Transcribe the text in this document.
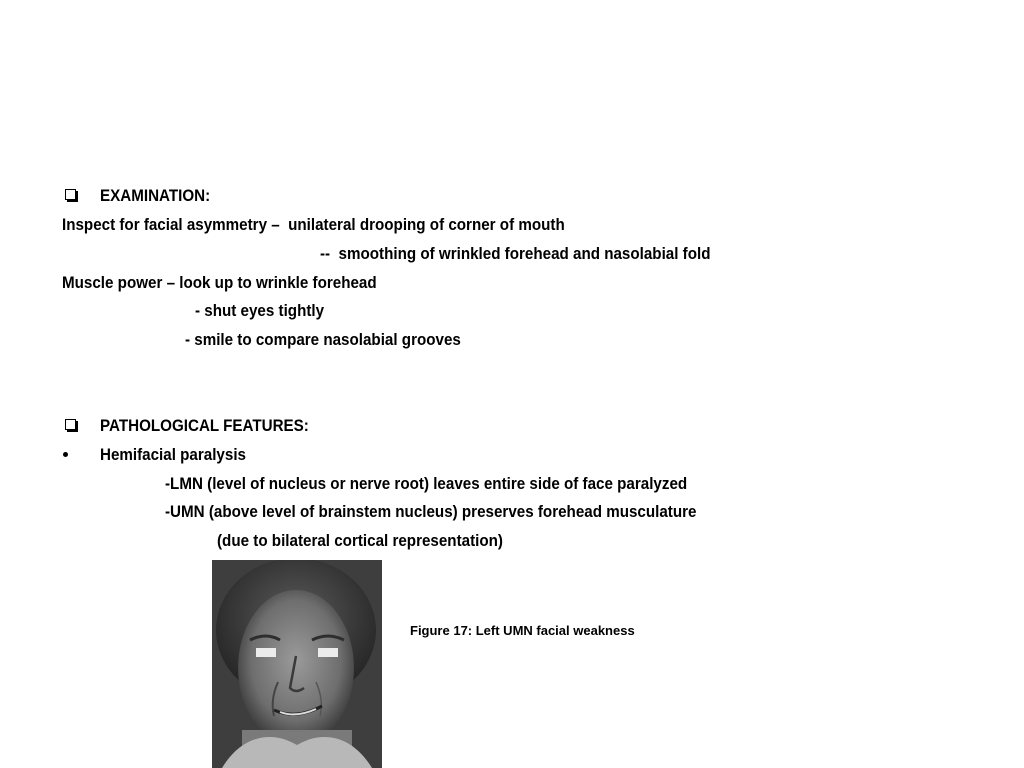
EXAMINATION:
Inspect for facial asymmetry –  unilateral drooping of corner of mouth
--  smoothing of wrinkled forehead and nasolabial fold
Muscle power – look up to wrinkle forehead
- shut eyes tightly
- smile to compare nasolabial grooves
PATHOLOGICAL FEATURES:
Hemifacial paralysis
-LMN (level of nucleus or nerve root) leaves entire side of face paralyzed
-UMN (above level of brainstem nucleus) preserves forehead musculature
(due to bilateral cortical representation)
Figure 17: Left UMN facial weakness
